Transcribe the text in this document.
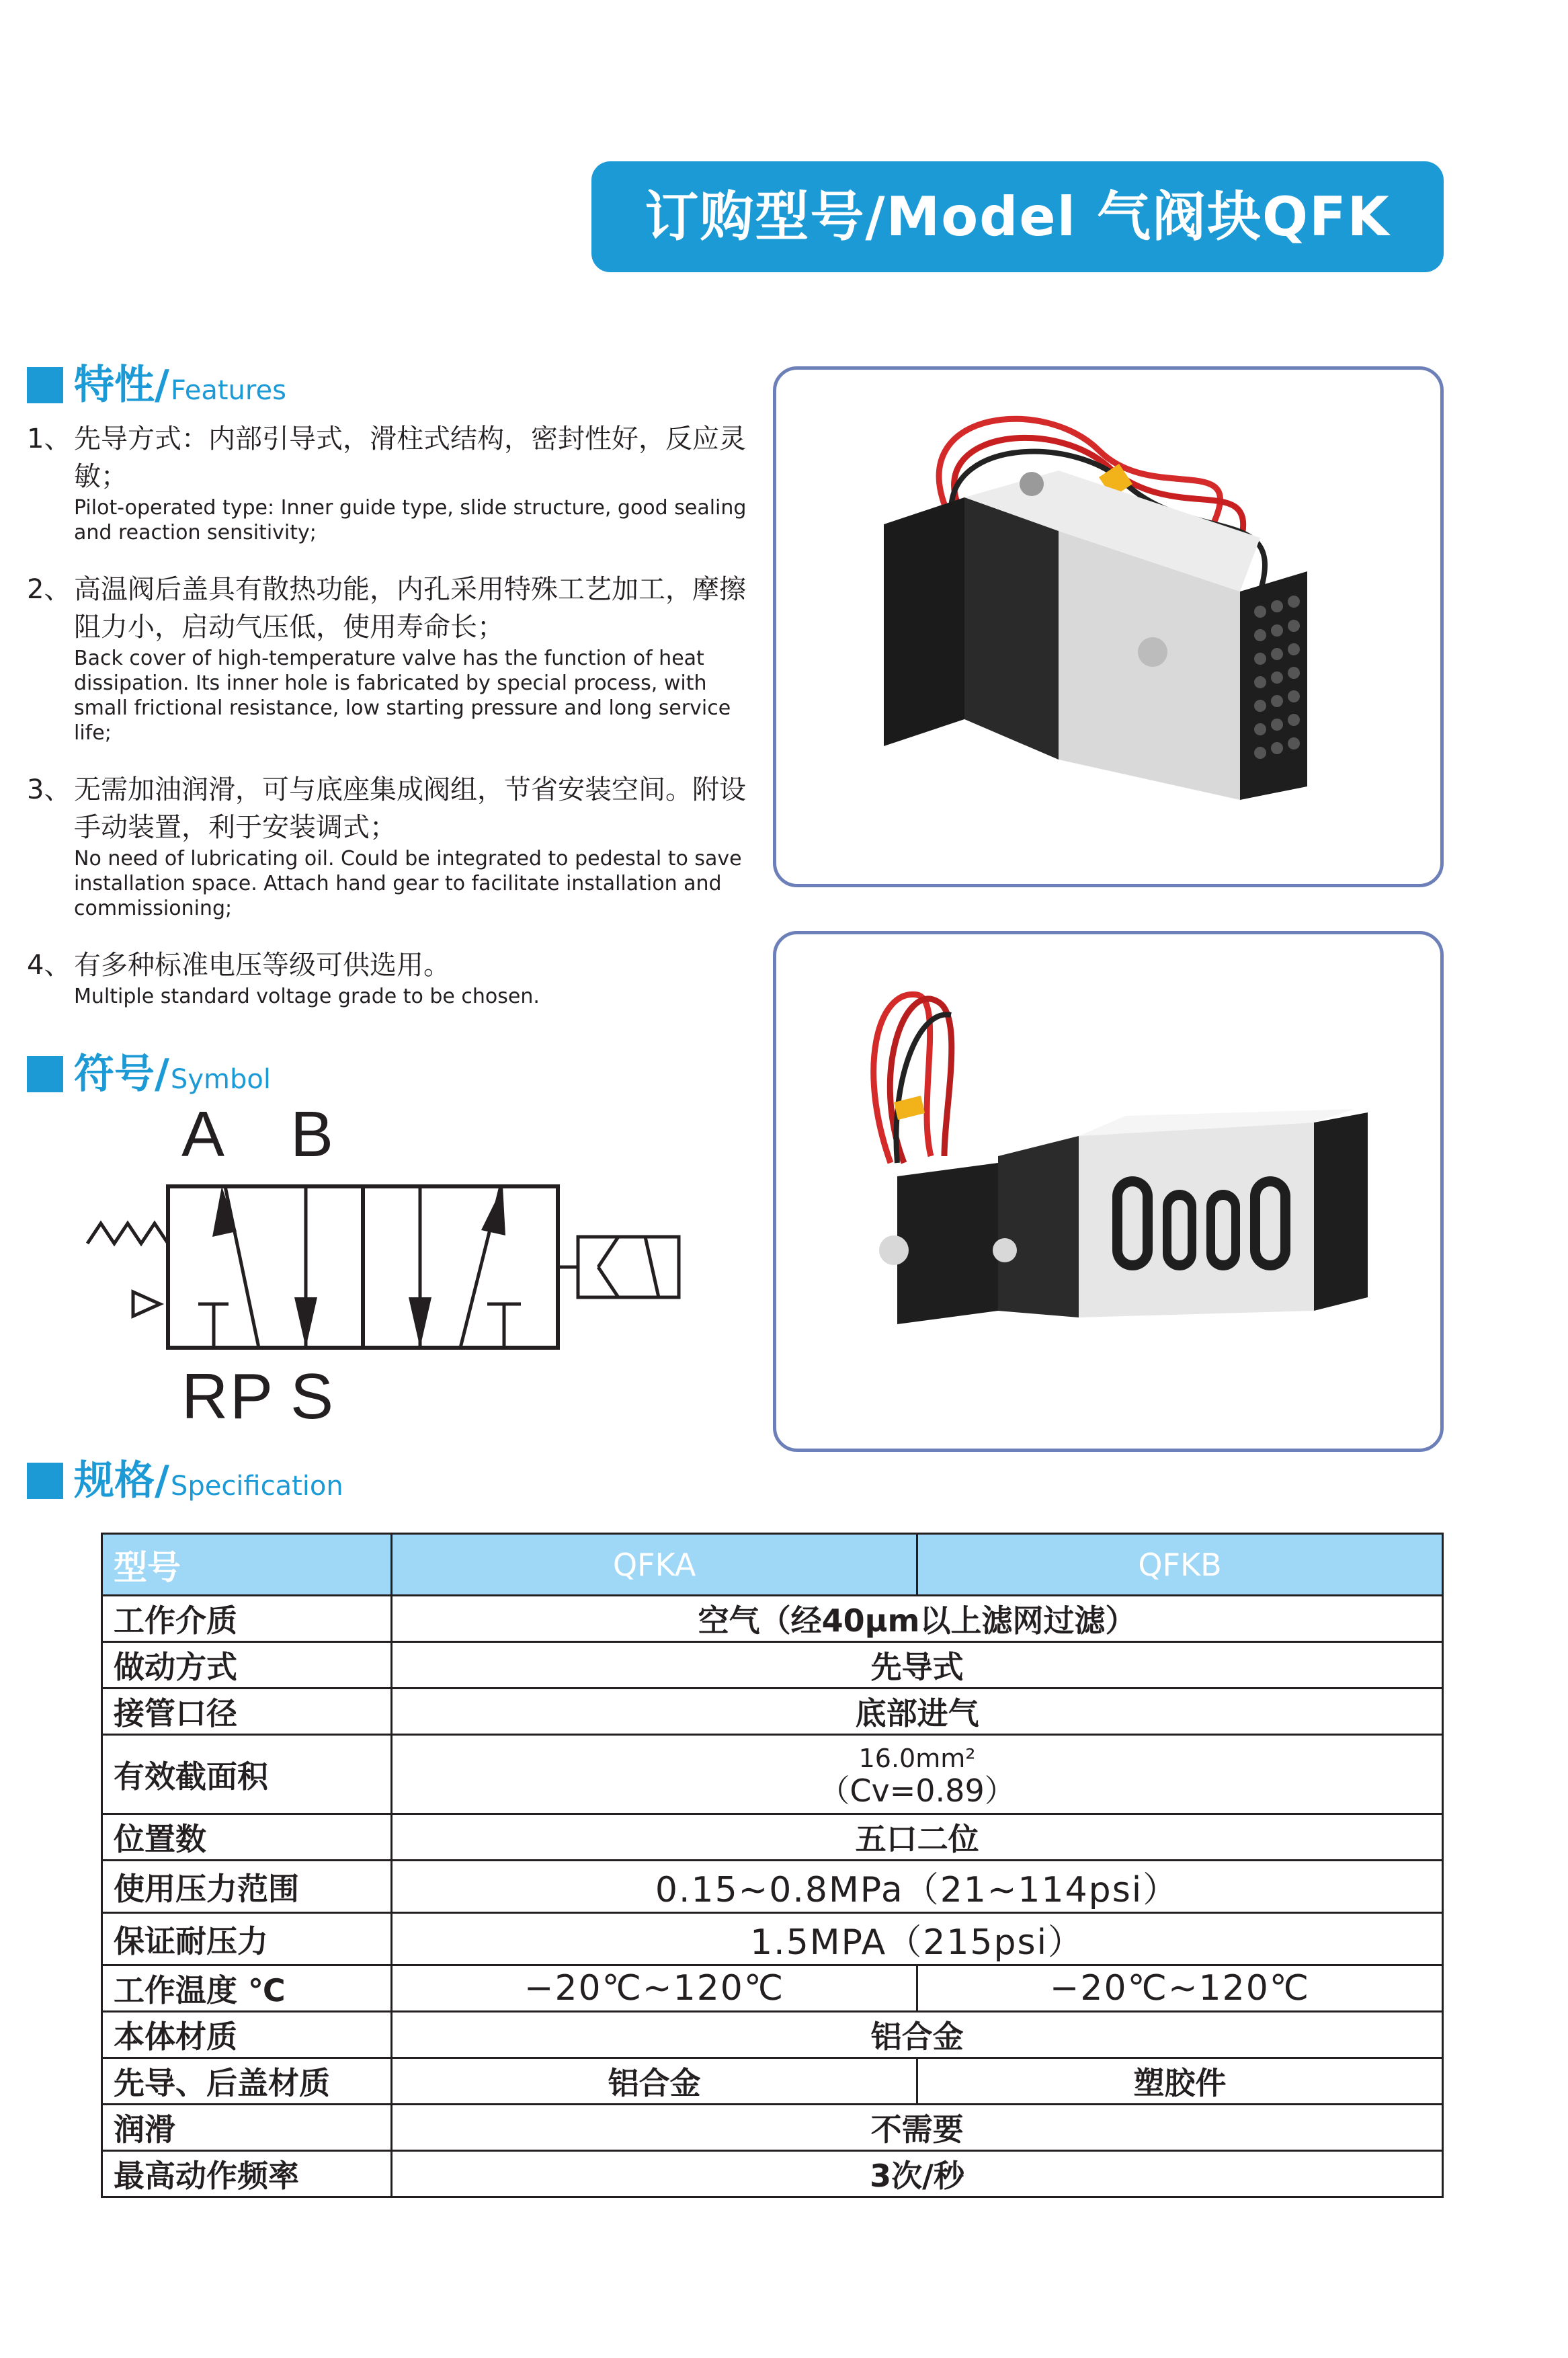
订购型号/Model 气阀块QFK
特性/ Features
1、 先导方式：内部引导式，滑柱式结构，密封性好，反应灵敏；
Pilot-operated type: Inner guide type, slide structure, good sealing and reaction sensitivity;
2、 高温阀后盖具有散热功能，内孔采用特殊工艺加工，摩擦阻力小，启动气压低，使用寿命长；
Back cover of high-temperature valve has the function of heat dissipation. Its inner hole is fabricated by special process, with small frictional resistance, low starting pressure and long service life;
3、 无需加油润滑，可与底座集成阀组，节省安装空间。附设手动装置，利于安装调式；
No need of lubricating oil. Could be integrated to pedestal to save installation space. Attach hand gear to facilitate installation and commissioning;
4、 有多种标准电压等级可供选用。
Multiple standard voltage grade to be chosen.
符号/ Symbol
A B
R P S
规格/ Specification
型号	QFKA	QFKB
工作介质	空气（经40μm以上滤网过滤）	
做动方式	先导式	
接管口径	底部进气	
有效截面积	16.0mm²
（Cv=0.89）	

位置数	五口二位	
使用压力范围	0.15~0.8MPa（21~114psi）	
保证耐压力	1.5MPA（215psi）	
工作温度 ℃	−20℃~120℃	−20℃~120℃
本体材质	铝合金	
先导、后盖材质	铝合金	塑胶件
润滑	不需要	
最高动作频率	3次/秒	
